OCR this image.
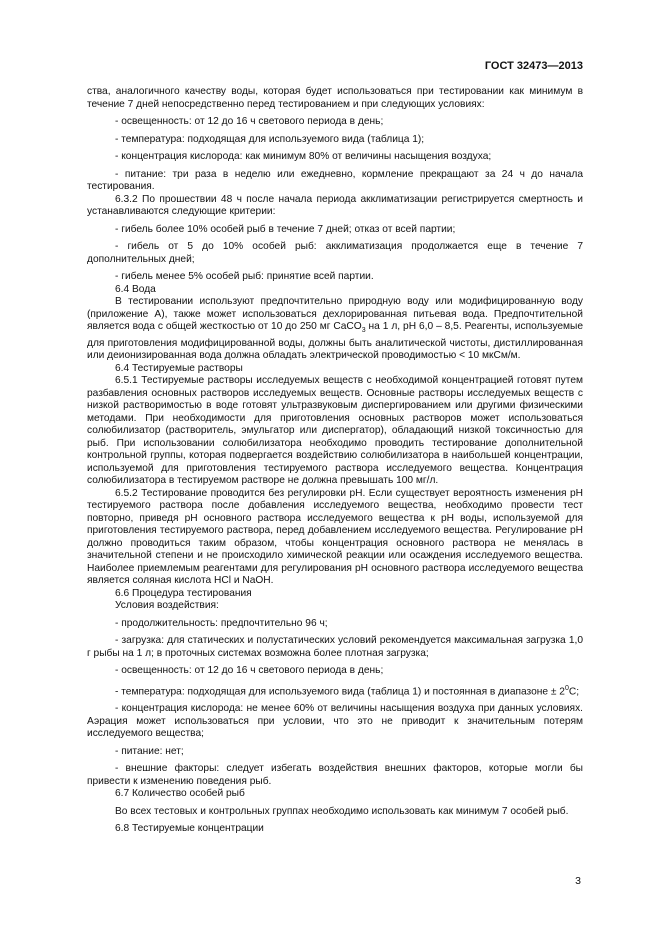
ГОСТ 32473—2013

ства, аналогичного качеству воды, которая будет использоваться при тестировании как минимум в течение 7 дней непосредственно перед тестированием и при следующих условиях:

- освещенность: от 12 до 16 ч светового периода в день;

- температура: подходящая для используемого вида (таблица 1);

- концентрация кислорода: как минимум 80% от величины насыщения воздуха;

- питание: три раза в неделю или ежедневно, кормление прекращают за 24 ч до начала тестирования.

6.3.2 По прошествии 48 ч после начала периода акклиматизации регистрируется смертность и устанавливаются следующие критерии:

- гибель более 10% особей рыб в течение 7 дней; отказ от всей партии;

- гибель от 5 до 10% особей рыб: акклиматизация продолжается еще в течение 7 дополнительных дней;

- гибель менее 5% особей рыб: принятие всей партии.

6.4 Вода

В тестировании используют предпочтительно природную воду или модифицированную воду (приложение А), также может использоваться дехлорированная питьевая вода. Предпочтительной является вода с общей жесткостью от 10 до 250 мг CaCO$_3$ на 1 л, pH 6,0 – 8,5. Реагенты, используемые для приготовления модифицированной воды, должны быть аналитической чистоты, дистиллированная или деионизированная вода должна обладать электрической проводимостью < 10 мкСм/м.

6.4 Тестируемые растворы

6.5.1 Тестируемые растворы исследуемых веществ с необходимой концентрацией готовят путем разбавления основных растворов исследуемых веществ. Основные растворы исследуемых веществ с низкой растворимостью в воде готовят ультразвуковым диспергированием или другими физическими методами. При необходимости для приготовления основных растворов может использоваться солюбилизатор (растворитель, эмульгатор или диспергатор), обладающий низкой токсичностью для рыб. При использовании солюбилизатора необходимо проводить тестирование дополнительной контрольной группы, которая подвергается воздействию солюбилизатора в наибольшей концентрации, используемой для приготовления тестируемого раствора исследуемого вещества. Концентрация солюбилизатора в тестируемом растворе не должна превышать 100 мг/л.

6.5.2 Тестирование проводится без регулировки pH. Если существует вероятность изменения pH тестируемого раствора после добавления исследуемого вещества, необходимо провести тест повторно, приведя pH основного раствора исследуемого вещества к pH воды, используемой для приготовления тестируемого раствора, перед добавлением исследуемого вещества. Регулирование pH должно проводиться таким образом, чтобы концентрация основного раствора не менялась в значительной степени и не происходило химической реакции или осаждения исследуемого вещества. Наиболее приемлемым реагентами для регулирования pH основного раствора исследуемого вещества является соляная кислота HCl и NaOH.

6.6 Процедура тестирования

Условия воздействия:

- продолжительность: предпочтительно 96 ч;

- загрузка: для статических и полустатических условий рекомендуется максимальная загрузка 1,0 г рыбы на 1 л; в проточных системах возможна более плотная загрузка;

- освещенность: от 12 до 16 ч светового периода в день;

- температура: подходящая для используемого вида (таблица 1) и постоянная в диапазоне ± $2^0С$;

- концентрация кислорода: не менее 60% от величины насыщения воздуха при данных условиях. Аэрация может использоваться при условии, что это не приводит к значительным потерям исследуемого вещества;

- питание: нет;

- внешние факторы: следует избегать воздействия внешних факторов, которые могли бы привести к изменению поведения рыб.

6.7 Количество особей рыб

Во всех тестовых и контрольных группах необходимо использовать как минимум 7 особей рыб.

6.8 Тестируемые концентрации

3
